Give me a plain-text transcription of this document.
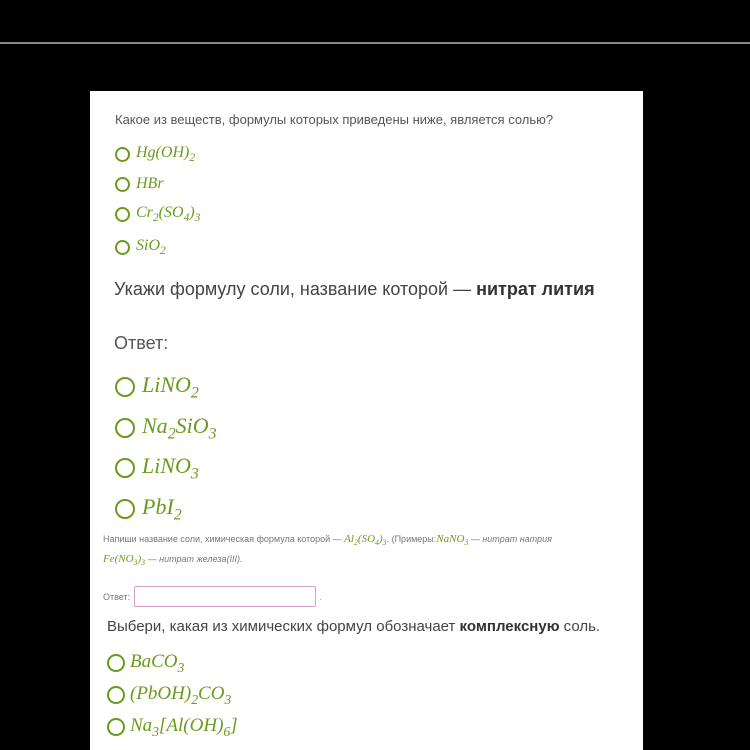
Какое из веществ, формулы которых приведены ниже, является солью?
$Hg(OH)_2$
HBr
$Cr_2(SO_4)_3$
SiO$_2$
Укажи формулу соли, название которой — нитрат лития
Ответ:
LiNO$_2$
$Na_2SiO_3$
LiNO$_3$
PbI$_2$
Напиши название соли, химическая формула которой — $Al_2(SO_4)_3$. (Примеры:NaNO$_3$ — нитрат натрия
$Fe(NO_3)_3$ — нитрат железа(III).
Ответ:	.
Выбери, какая из химических формул обозначает комплексную соль.
BaCO$_3$
$(PbOH)_2CO_3$
$Na_3[Al(OH)_6]$
